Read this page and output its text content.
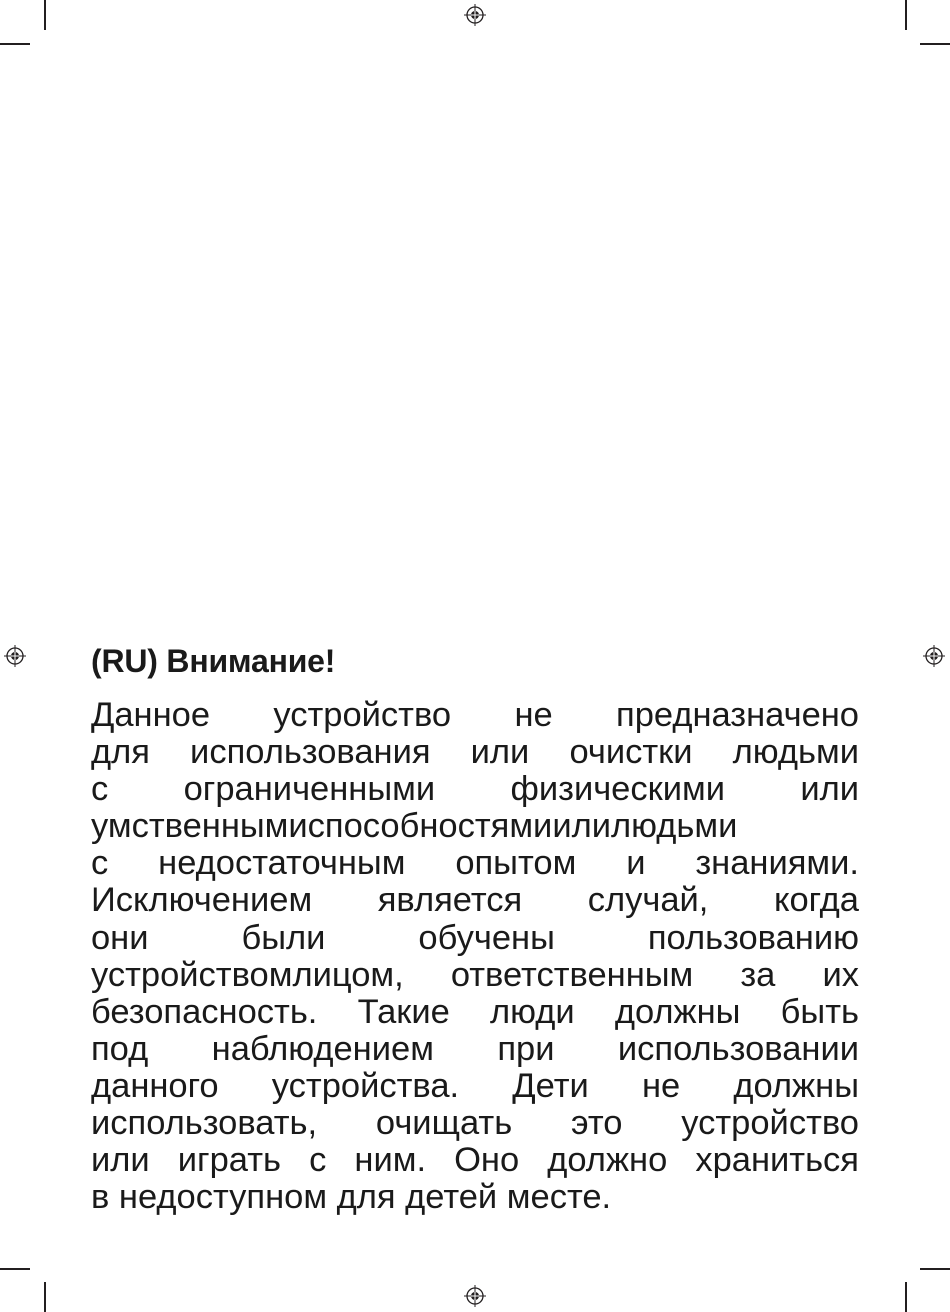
(RU) Внимание!

Данное устройство не предназначено
для использования или очистки людьми
с ограниченными физическими или
умственнымиспособностямиилилюдьми
с недостаточным опытом и знаниями.
Исключением является случай, когда
они были обучены пользованию
устройствомлицом, ответственным за их
безопасность. Такие люди должны быть
под наблюдением при использовании
данного устройства. Дети не должны
использовать, очищать это устройство
или играть с ним. Оно должно храниться
в недоступном для детей месте.
